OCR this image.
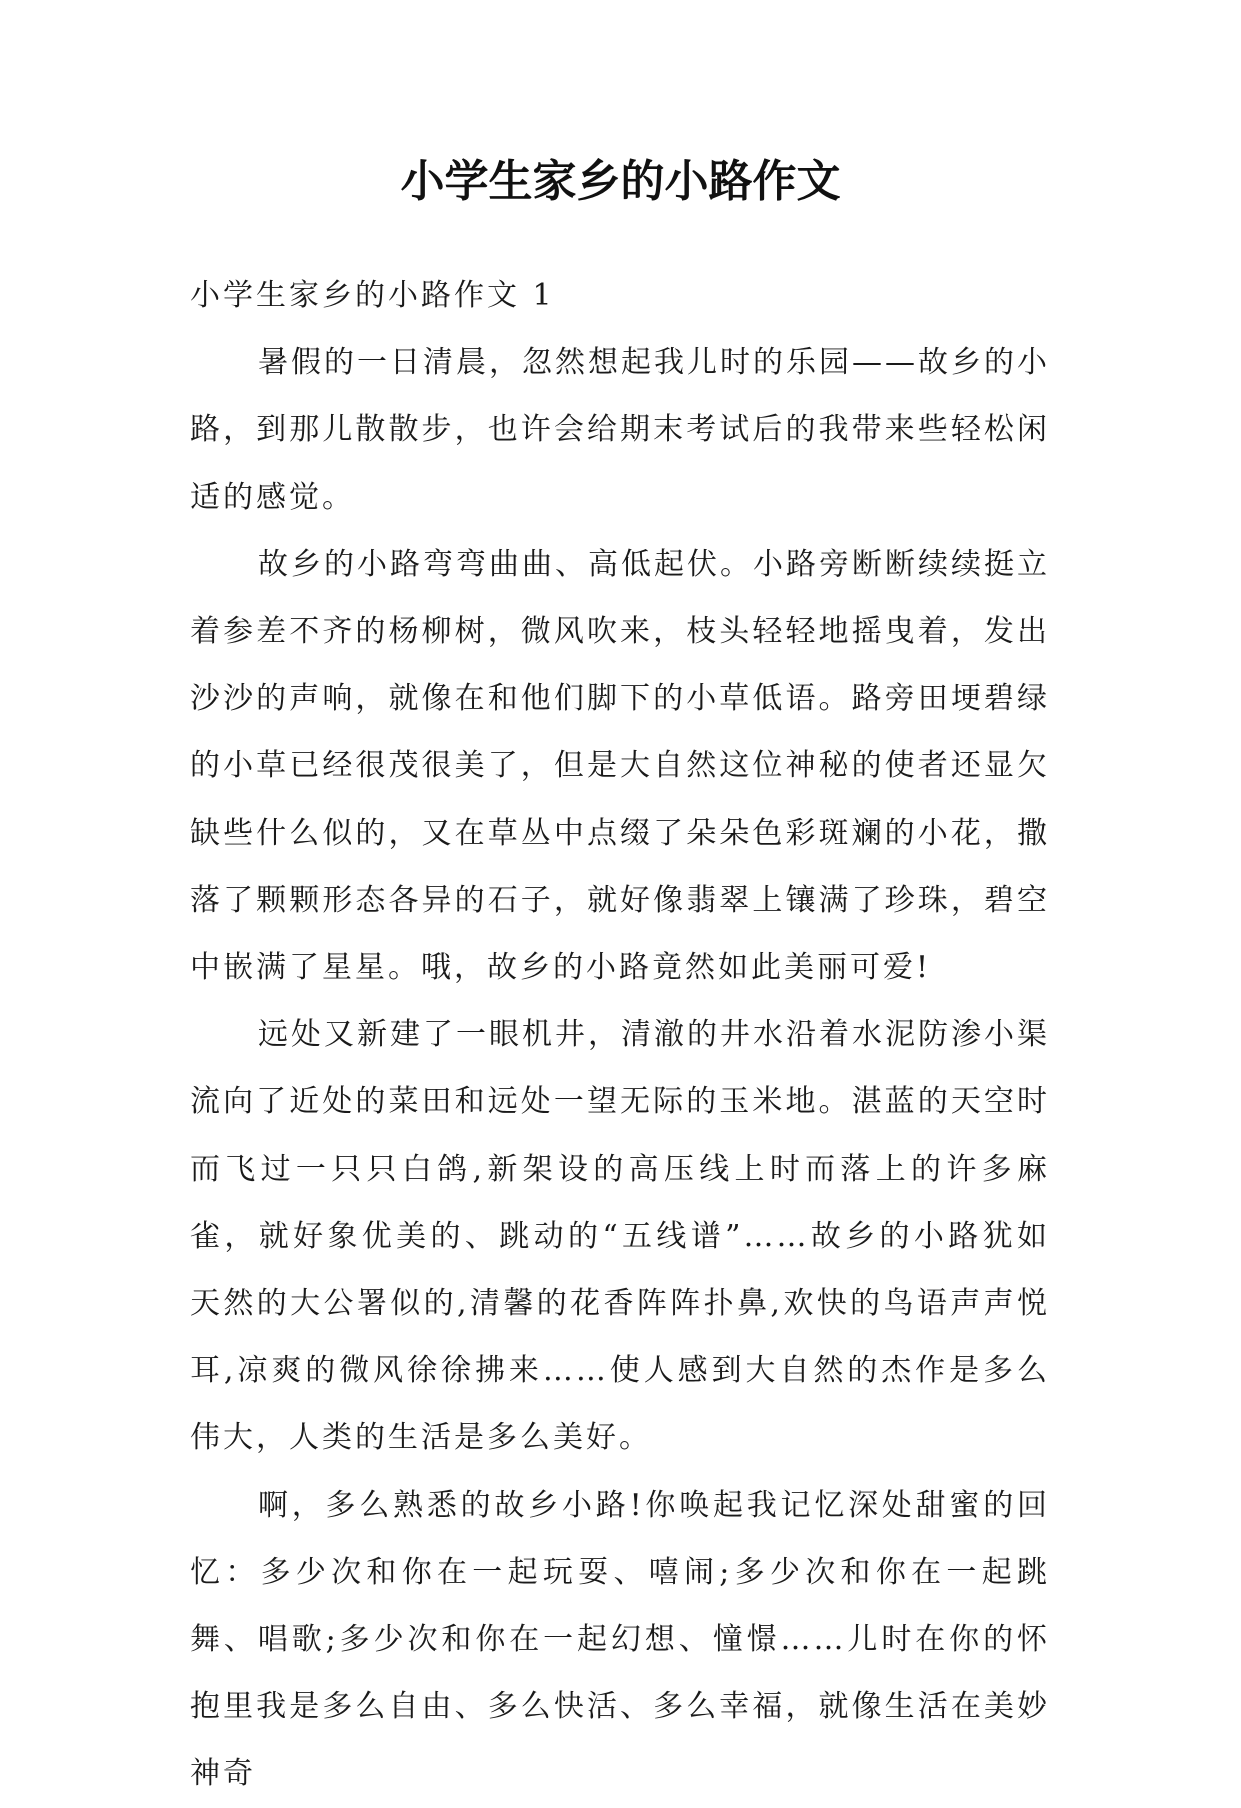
小学生家乡的小路作文
小学生家乡的小路作文 1

暑假的一日清晨，忽然想起我儿时的乐园——故乡的小路，到那儿散散步，也许会给期末考试后的我带来些轻松闲适的感觉。

故乡的小路弯弯曲曲、高低起伏。小路旁断断续续挺立着参差不齐的杨柳树，微风吹来，枝头轻轻地摇曳着，发出沙沙的声响，就像在和他们脚下的小草低语。路旁田埂碧绿的小草已经很茂很美了，但是大自然这位神秘的使者还显欠缺些什么似的，又在草丛中点缀了朵朵色彩斑斓的小花，撒落了颗颗形态各异的石子，就好像翡翠上镶满了珍珠，碧空中嵌满了星星。哦，故乡的小路竟然如此美丽可爱!

远处又新建了一眼机井，清澈的井水沿着水泥防渗小渠流向了近处的菜田和远处一望无际的玉米地。湛蓝的天空时而飞过一只只白鸽,新架设的高压线上时而落上的许多麻雀，就好象优美的、跳动的“五线谱”……故乡的小路犹如天然的大公署似的,清馨的花香阵阵扑鼻,欢快的鸟语声声悦耳,凉爽的微风徐徐拂来……使人感到大自然的杰作是多么伟大，人类的生活是多么美好。

啊，多么熟悉的故乡小路!你唤起我记忆深处甜蜜的回忆：多少次和你在一起玩耍、嘻闹;多少次和你在一起跳舞、唱歌;多少次和你在一起幻想、憧憬……儿时在你的怀抱里我是多么自由、多么快活、多么幸福，就像生活在美妙神奇
